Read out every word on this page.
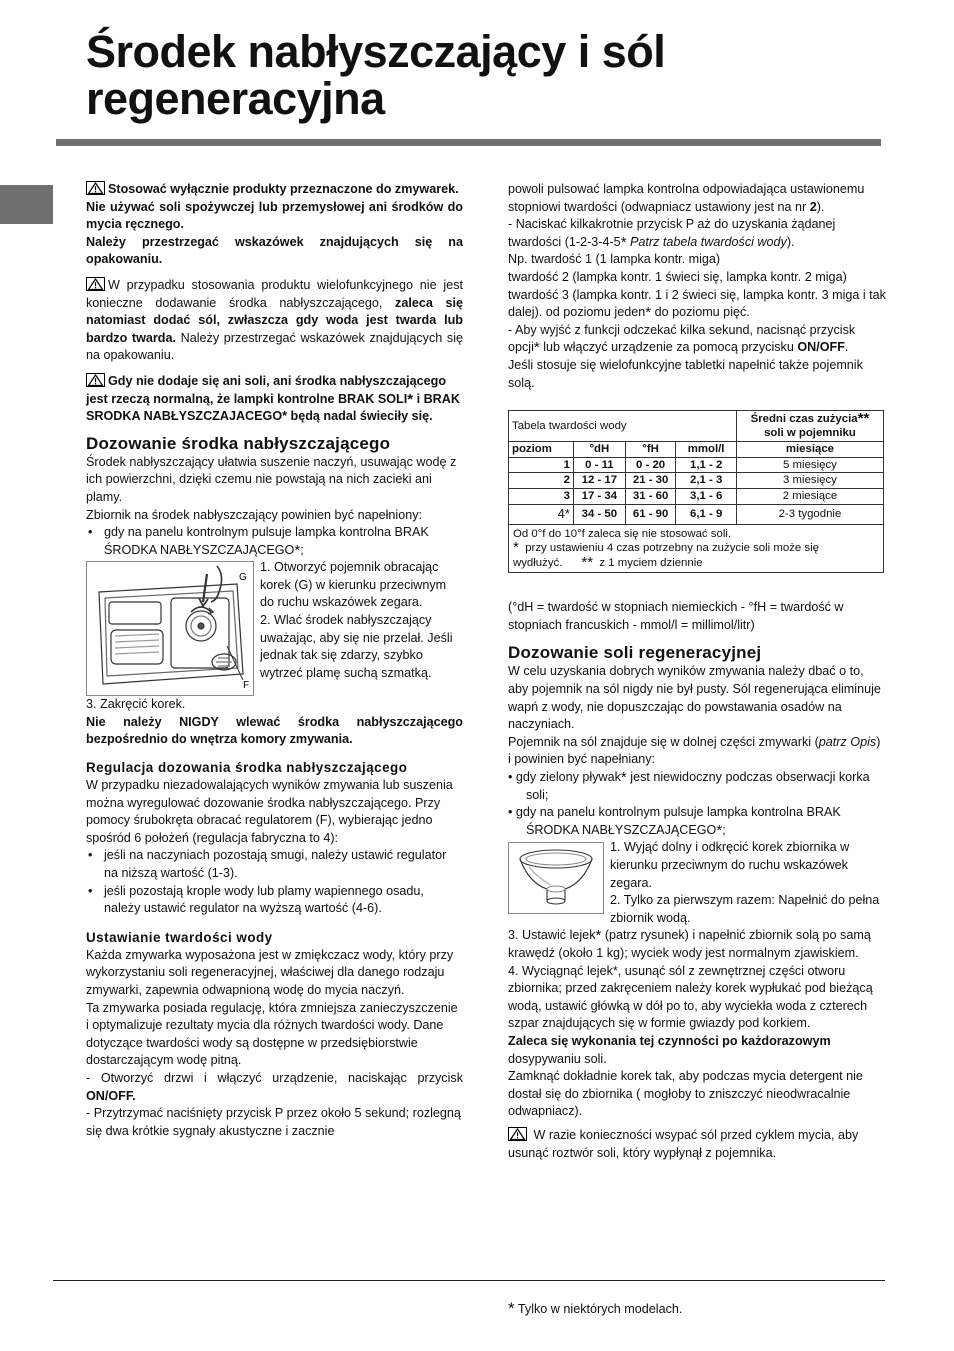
Środek nabłyszczający i sól regeneracyjna

Stosować wyłącznie produkty przeznaczone do zmywarek.
Nie używać soli spożywczej lub przemysłowej ani środków do mycia ręcznego.
Należy przestrzegać wskazówek znajdujących się na opakowaniu.

W przypadku stosowania produktu wielofunkcyjnego nie jest konieczne dodawanie środka nabłyszczającego, zaleca się natomiast dodać sól, zwłaszcza gdy woda jest twarda lub bardzo twarda. Należy przestrzegać wskazówek znajdujących się na opakowaniu.

Gdy nie dodaje się ani soli, ani środka nabłyszczającego jest rzeczą normalną, że lampki kontrolne BRAK SOLI* i BRAK SRODKA NABŁYSZCZAJACEGO* będą nadal świeciły się.

Dozowanie środka nabłyszczającego

Środek nabłyszczający ułatwia suszenie naczyń, usuwając wodę z ich powierzchni, dzięki czemu nie powstają na nich zacieki ani plamy.

Zbiornik na środek nabłyszczający powinien być napełniony:

• gdy na panelu kontrolnym pulsuje lampka kontrolna BRAK ŚRODKA NABŁYSZCZAJĄCEGO*;
G
F

1. Otworzyć pojemnik obracając korek (G) w kierunku przeciwnym do ruchu wskazówek zegara.

2. Wlać środek nabłyszczający uważając, aby się nie przelał. Jeśli jednak tak się zdarzy, szybko wytrzeć plamę suchą szmatką.

3. Zakręcić korek.

Nie należy NIGDY wlewać środka nabłyszczającego bezpośrednio do wnętrza komory zmywania.

Regulacja dozowania środka nabłyszczającego

W przypadku niezadowalających wyników zmywania lub suszenia można wyregulować dozowanie środka nabłyszczającego. Przy pomocy śrubokręta obracać regulatorem (F), wybierając jedno spośród 6 położeń (regulacja fabryczna to 4):

• jeśli na naczyniach pozostają smugi, należy ustawić regulator na niższą wartość (1-3).
• jeśli pozostają krople wody lub plamy wapiennego osadu, należy ustawić regulator na wyższą wartość (4-6).
Ustawianie twardości wody

Każda zmywarka wyposażona jest w zmiękczacz wody, który przy wykorzystaniu soli regeneracyjnej, właściwej dla danego rodzaju zmywarki, zapewnia odwapnioną wodę do mycia naczyń.

Ta zmywarka posiada regulację, która zmniejsza zanieczyszczenie i optymalizuje rezultaty mycia dla różnych twardości wody. Dane dotyczące twardości wody są dostępne w przedsiębiorstwie dostarczającym wodę pitną.

- Otworzyć drzwi i włączyć urządzenie, naciskając przycisk ON/OFF.

- Przytrzymać naciśnięty przycisk P przez około 5 sekund; rozlegną się dwa krótkie sygnały akustyczne i zacznie

powoli pulsować lampka kontrolna odpowiadająca ustawionemu stopniowi twardości (odwapniacz ustawiony jest na nr 2).

- Naciskać kilkakrotnie przycisk P aż do uzyskania żądanej twardości (1-2-3-4-5* Patrz tabela twardości wody).

Np. twardość 1 (1 lampka kontr. miga)

twardość 2 (lampka kontr. 1 świeci się, lampka kontr. 2 miga)

twardość 3 (lampka kontr. 1 i 2 świeci się, lampka kontr. 3 miga i tak dalej). od poziomu jeden* do poziomu pięć.

- Aby wyjść z funkcji odczekać kilka sekund, nacisnąć przycisk opcji* lub włączyć urządzenie za pomocą przycisku ON/OFF.

Jeśli stosuje się wielofunkcyjne tabletki napełnić także pojemnik solą.

Tabela twardości wody				Średni czas zużycia**
soli w pojemniku
poziom	°dH	°fH	mmol/l	miesiące
1	0 - 11	0 - 20	1,1 - 2	5 miesięcy
2	12 - 17	21 - 30	2,1 - 3	3 miesięcy
3	17 - 34	31 - 60	3,1 - 6	2 miesiące
4*	34 - 50	61 - 90	6,1 - 9	2-3 tygodnie
Od 0°f do 10°f zaleca się nie stosować soli.
* przy ustawieniu 4 czas potrzebny na zużycie soli może się wydłużyć. ** z 1 myciem dziennie				

(°dH = twardość w stopniach niemieckich - °fH = twardość w stopniach francuskich - mmol/l = millimol/litr)

Dozowanie soli regeneracyjnej

W celu uzyskania dobrych wyników zmywania należy dbać o to, aby pojemnik na sól nigdy nie był pusty. Sól regenerująca eliminuje wapń z wody, nie dopuszczając do powstawania osadów na naczyniach.

Pojemnik na sól znajduje się w dolnej części zmywarki (patrz Opis) i powinien być napełniany:

• gdy zielony pływak* jest niewidoczny podczas obserwacji korka soli;
• gdy na panelu kontrolnym pulsuje lampka kontrolna BRAK ŚRODKA NABŁYSZCZAJĄCEGO*;

1. Wyjąć dolny i odkręcić korek zbiornika w kierunku przeciwnym do ruchu wskazówek zegara.

2. Tylko za pierwszym razem: Napełnić do pełna zbiornik wodą.

3. Ustawić lejek* (patrz rysunek) i napełnić zbiornik solą po samą krawędź (około 1 kg); wyciek wody jest normalnym zjawiskiem.

4. Wyciągnąć lejek*, usunąć sól z zewnętrznej części otworu zbiornika; przed zakręceniem należy korek wypłukać pod bieżącą wodą, ustawić główką w dół po to, aby wyciekła woda z czterech szpar znajdujących się w formie gwiazdy pod korkiem.

Zaleca się wykonania tej czynności po każdorazowym

dosypywaniu soli.

Zamknąć dokładnie korek tak, aby podczas mycia detergent nie dostał się do zbiornika ( mogłoby to zniszczyć nieodwracalnie odwapniacz).

W razie konieczności wsypać sól przed cyklem mycia, aby usunąć roztwór soli, który wypłynął z pojemnika.

* Tylko w niektórych modelach.
